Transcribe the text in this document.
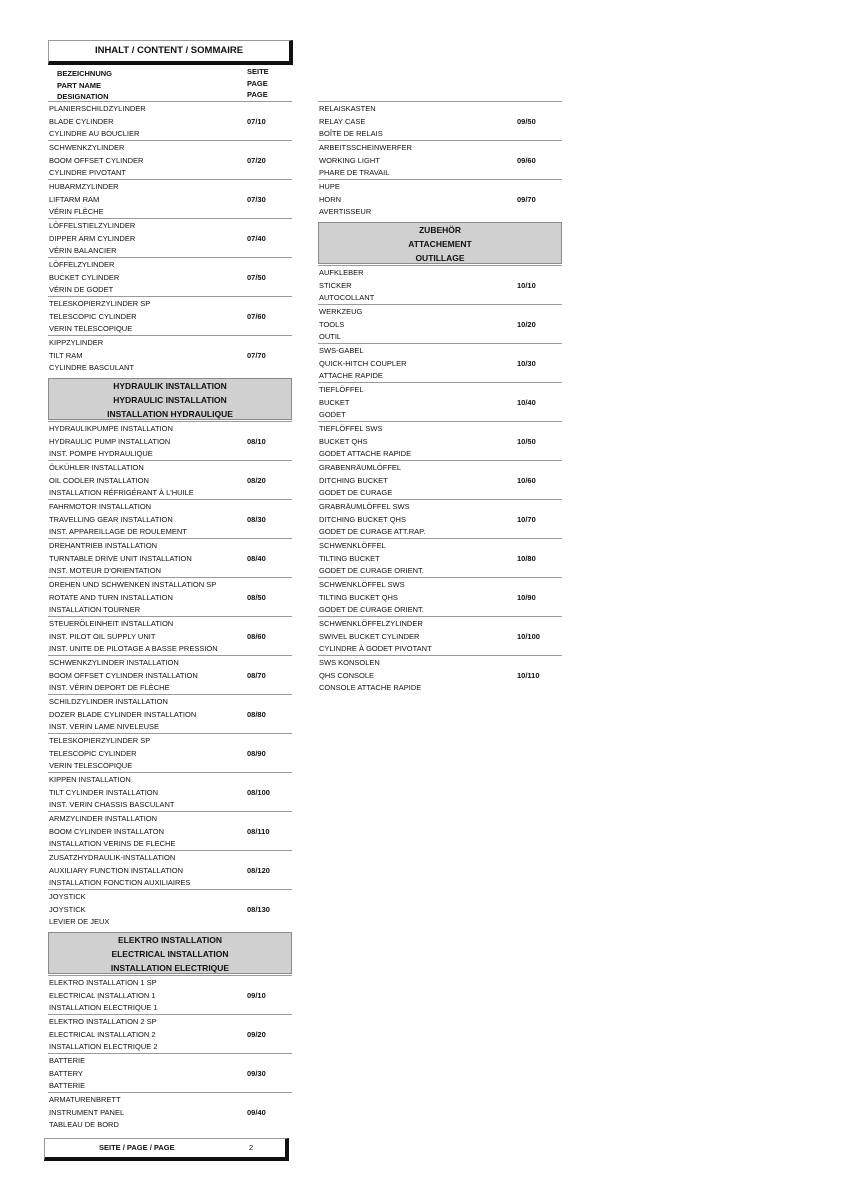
INHALT / CONTENT / SOMMAIRE
BEZEICHNUNG
PART NAME
DESIGNATION
SEITE
PAGE
PAGE
PLANIERSCHILDZYLINDER
BLADE CYLINDER
CYLINDRE AU BOUCLIER
07/10
SCHWENKZYLINDER
BOOM OFFSET CYLINDER
CYLINDRE PIVOTANT
07/20
HUBARMZYLINDER
LIFTARM RAM
VÉRIN FLÈCHE
07/30
LÖFFELSTIELZYLINDER
DIPPER ARM CYLINDER
VÉRIN BALANCIER
07/40
LÖFFELZYLINDER
BUCKET CYLINDER
VÉRIN DE GODET
07/50
TELESKOPIERZYLINDER SP
TELESCOPIC CYLINDER
VERIN TELESCOPIQUE
07/60
KIPPZYLINDER
TILT RAM
CYLINDRE BASCULANT
07/70
HYDRAULIK INSTALLATION
HYDRAULIC INSTALLATION
INSTALLATION HYDRAULIQUE
HYDRAULIKPUMPE INSTALLATION
HYDRAULIC PUMP INSTALLATION
INST. POMPE HYDRAULIQUE
08/10
ÖLKÜHLER INSTALLATION
OIL COOLER INSTALLATION
INSTALLATION RÉFRIGÉRANT À L'HUILE
08/20
FAHRMOTOR INSTALLATION
TRAVELLING GEAR INSTALLATION
INST. APPAREILLAGE DE ROULEMENT
08/30
DREHANTRIEB INSTALLATION
TURNTABLE DRIVE UNIT INSTALLATION
INST. MOTEUR D'ORIENTATION
08/40
DREHEN UND SCHWENKEN INSTALLATION SP
ROTATE AND TURN INSTALLATION
INSTALLATION TOURNER
08/50
STEUERÖLEINHEIT INSTALLATION
INST. PILOT OIL SUPPLY UNIT
INST. UNITE DE PILOTAGE A BASSE PRESSION
08/60
SCHWENKZYLINDER INSTALLATION
BOOM OFFSET CYLINDER INSTALLATION
INST. VÉRIN DEPORT DE FLÈCHE
08/70
SCHILDZYLINDER INSTALLATION
DOZER BLADE CYLINDER INSTALLATION
INST. VERIN LAME NIVELEUSE
08/80
TELESKOPIERZYLINDER SP
TELESCOPIC CYLINDER
VERIN TELESCOPIQUE
08/90
KIPPEN INSTALLATION
TILT CYLINDER INSTALLATION
INST. VERIN CHASSIS BASCULANT
08/100
ARMZYLINDER INSTALLATION
BOOM CYLINDER INSTALLATON
INSTALLATION VERINS DE FLECHE
08/110
ZUSATZHYDRAULIK-INSTALLATION
AUXILIARY FUNCTION INSTALLATION
INSTALLATION FONCTION AUXILIAIRES
08/120
JOYSTICK
JOYSTICK
LEVIER DE JEUX
08/130
ELEKTRO INSTALLATION
ELECTRICAL INSTALLATION
INSTALLATION ELECTRIQUE
ELEKTRO INSTALLATION 1 SP
ELECTRICAL INSTALLATION 1
INSTALLATION ELECTRIQUE 1
09/10
ELEKTRO INSTALLATION 2 SP
ELECTRICAL INSTALLATION 2
INSTALLATION ELECTRIQUE 2
09/20
BATTERIE
BATTERY
BATTERIE
09/30
ARMATURENBRETT
INSTRUMENT PANEL
TABLEAU DE BORD
09/40
RELAISKASTEN
RELAY CASE
BOÎTE DE RELAIS
09/50
ARBEITSSCHEINWERFER
WORKING LIGHT
PHARE DE TRAVAIL
09/60
HUPE
HORN
AVERTISSEUR
09/70
ZUBEHÖR
ATTACHEMENT
OUTILLAGE
AUFKLEBER
STICKER
AUTOCOLLANT
10/10
WERKZEUG
TOOLS
OUTIL
10/20
SWS-GABEL
QUICK-HITCH COUPLER
ATTACHE RAPIDE
10/30
TIEFLÖFFEL
BUCKET
GODET
10/40
TIEFLÖFFEL SWS
BUCKET QHS
GODET ATTACHE RAPIDE
10/50
GRABENRÄUMLÖFFEL
DITCHING BUCKET
GODET DE CURAGE
10/60
GRABRÄUMLÖFFEL SWS
DITCHING BUCKET QHS
GODET DE CURAGE ATT.RAP.
10/70
SCHWENKLÖFFEL
TILTING BUCKET
GODET DE CURAGE ORIENT.
10/80
SCHWENKLÖFFEL SWS
TILTING BUCKET QHS
GODET DE CURAGE ORIENT.
10/90
SCHWENKLÖFFELZYLINDER
SWIVEL BUCKET CYLINDER
CYLINDRE À GODET PIVOTANT
10/100
SWS KONSOLEN
QHS CONSOLE
CONSOLE ATTACHE RAPIDE
10/110
SEITE / PAGE / PAGE	2
